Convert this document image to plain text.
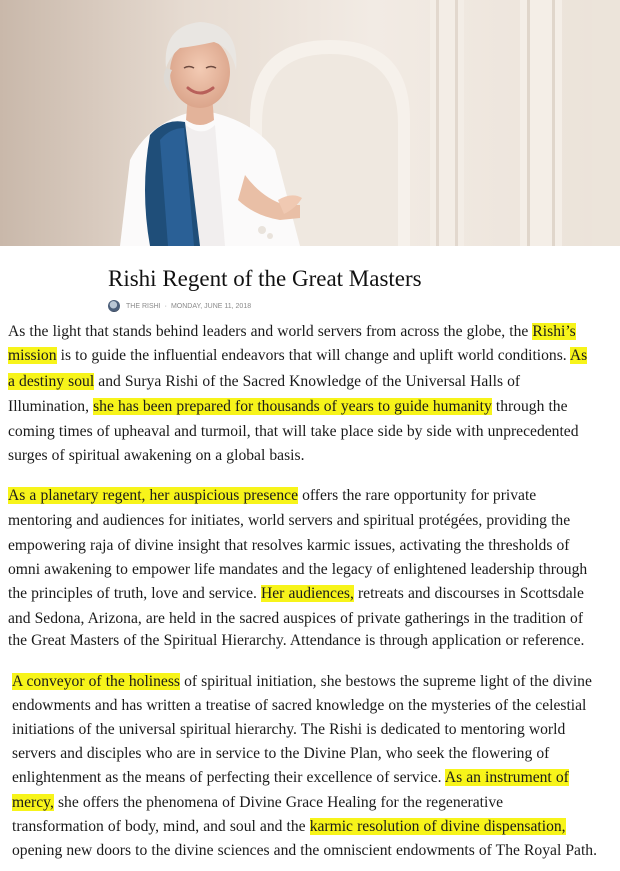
Rishi Regent of the Great Masters
THE RISHI · MONDAY, JUNE 11, 2018
As the light that stands behind leaders and world servers from across the globe, the Rishi’s
mission is to guide the influential endeavors that will change and uplift world conditions. As
a destiny soul and Surya Rishi of the Sacred Knowledge of the Universal Halls of
Illumination, she has been prepared for thousands of years to guide humanity through the
coming times of upheaval and turmoil, that will take place side by side with unprecedented
surges of spiritual awakening on a global basis.
As a planetary regent, her auspicious presence offers the rare opportunity for private
mentoring and audiences for initiates, world servers and spiritual protégées, providing the
empowering raja of divine insight that resolves karmic issues, activating the thresholds of
omni awakening to empower life mandates and the legacy of enlightened leadership through
the principles of truth, love and service. Her audiences, retreats and discourses in Scottsdale
and Sedona, Arizona, are held in the sacred auspices of private gatherings in the tradition of
the Great Masters of the Spiritual Hierarchy. Attendance is through application or reference.
A conveyor of the holiness of spiritual initiation, she bestows the supreme light of the divine
endowments and has written a treatise of sacred knowledge on the mysteries of the celestial
initiations of the universal spiritual hierarchy. The Rishi is dedicated to mentoring world
servers and disciples who are in service to the Divine Plan, who seek the flowering of
enlightenment as the means of perfecting their excellence of service. As an instrument of
mercy, she offers the phenomena of Divine Grace Healing for the regenerative
transformation of body, mind, and soul and the karmic resolution of divine dispensation,
opening new doors to the divine sciences and the omniscient endowments of The Royal Path.
